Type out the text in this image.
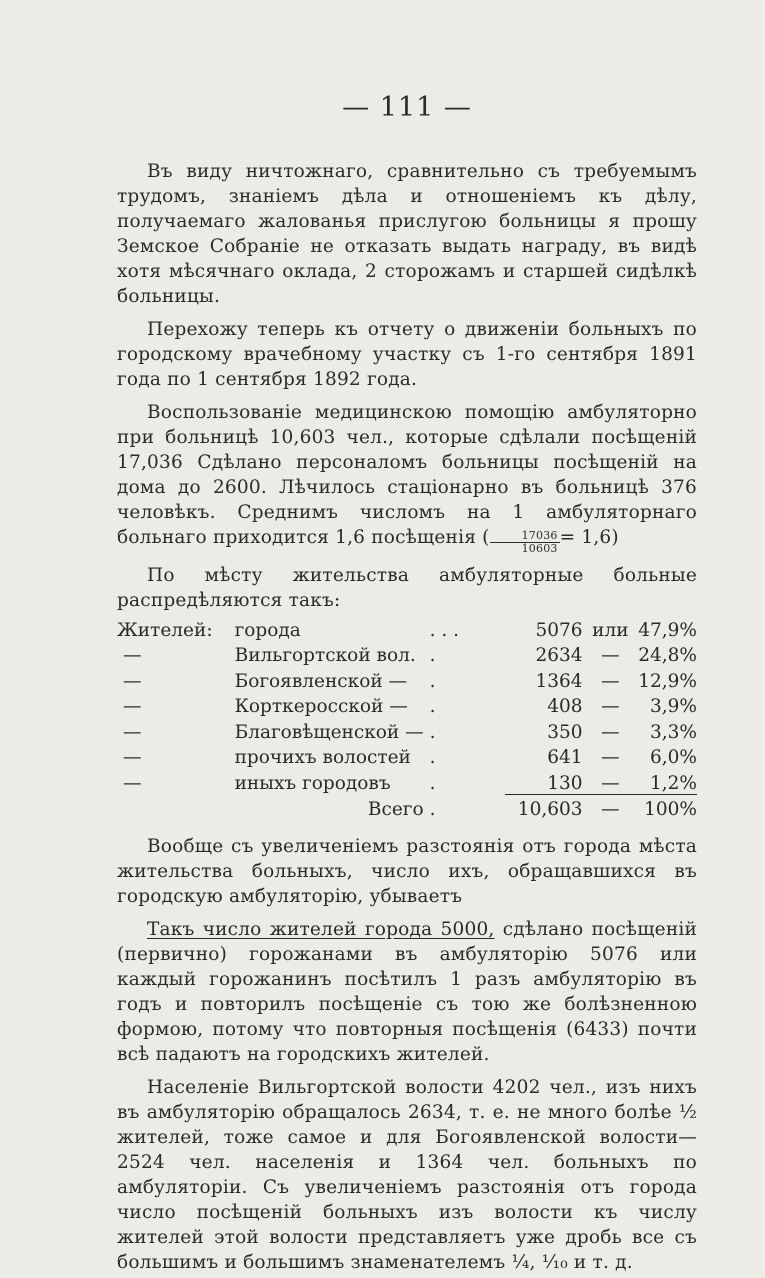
— 111 —

Въ виду ничтожнаго, сравнительно съ требуемымъ трудомъ, знаніемъ дѣла и отношеніемъ къ дѣлу, получаемаго жалованья прислугою больницы я прошу Земское Собраніе не отказать выдать награду, въ видѣ хотя мѣсячнаго оклада, 2 сторожамъ и старшей сидѣлкѣ больницы.

Перехожу теперь къ отчету о движеніи больныхъ по городскому врачебному участку съ 1-го сентября 1891 года по 1 сентября 1892 года.

Воспользованіе медицинскою помощію амбуляторно при больницѣ 10,603 чел., которые сдѣлали посѣщеній 17,036 Сдѣлано персоналомъ больницы посѣщеній на дома до 2600. Лѣчилось стаціонарно въ больницѣ 376 человѣкъ. Среднимъ числомъ на 1 амбуляторнаго больнаго приходится 1,6 посѣщенія ( $\frac{17036}{10603} = 1,6$)

По мѣсту жительства амбуляторные больные распредѣляются такъ:

Жителей:	города	. . .	5076	или	47,9%
—	Вильгортской вол.	.	2634	—	24,8%
—	Богоявленской —	.	1364	—	12,9%
—	Корткеросской —	.	408	—	3,9%
—	Благовѣщенской —	.	350	—	3,3%
—	прочихъ волостей	.	641	—	6,0%
—	иныхъ городовъ	.	130	—	1,2%
	Всего	.	10,603	—	100%

Вообще съ увеличеніемъ разстоянія отъ города мѣста жительства больныхъ, число ихъ, обращавшихся въ городскую амбуляторію, убываетъ

Такъ число жителей города 5000, сдѣлано посѣщеній (первично) горожанами въ амбуляторію 5076 или каждый горожанинъ посѣтилъ 1 разъ амбуляторію въ годъ и повторилъ посѣщеніе съ тою же болѣзненною формою, потому что повторныя посѣщенія (6433) почти всѣ падаютъ на городскихъ жителей.

Населеніе Вильгортской волости 4202 чел., изъ нихъ въ амбуляторію обращалось 2634, т. е. не много болѣе ½ жителей, тоже самое и для Богоявленской волости—2524 чел. населенія и 1364 чел. больныхъ по амбуляторіи. Съ увеличеніемъ разстоянія отъ города число посѣщеній больныхъ изъ волости къ числу жителей этой волости представляетъ уже дробь все съ большимъ и большимъ знаменателемъ ¼, ¹⁄₁₀ и т. д.
